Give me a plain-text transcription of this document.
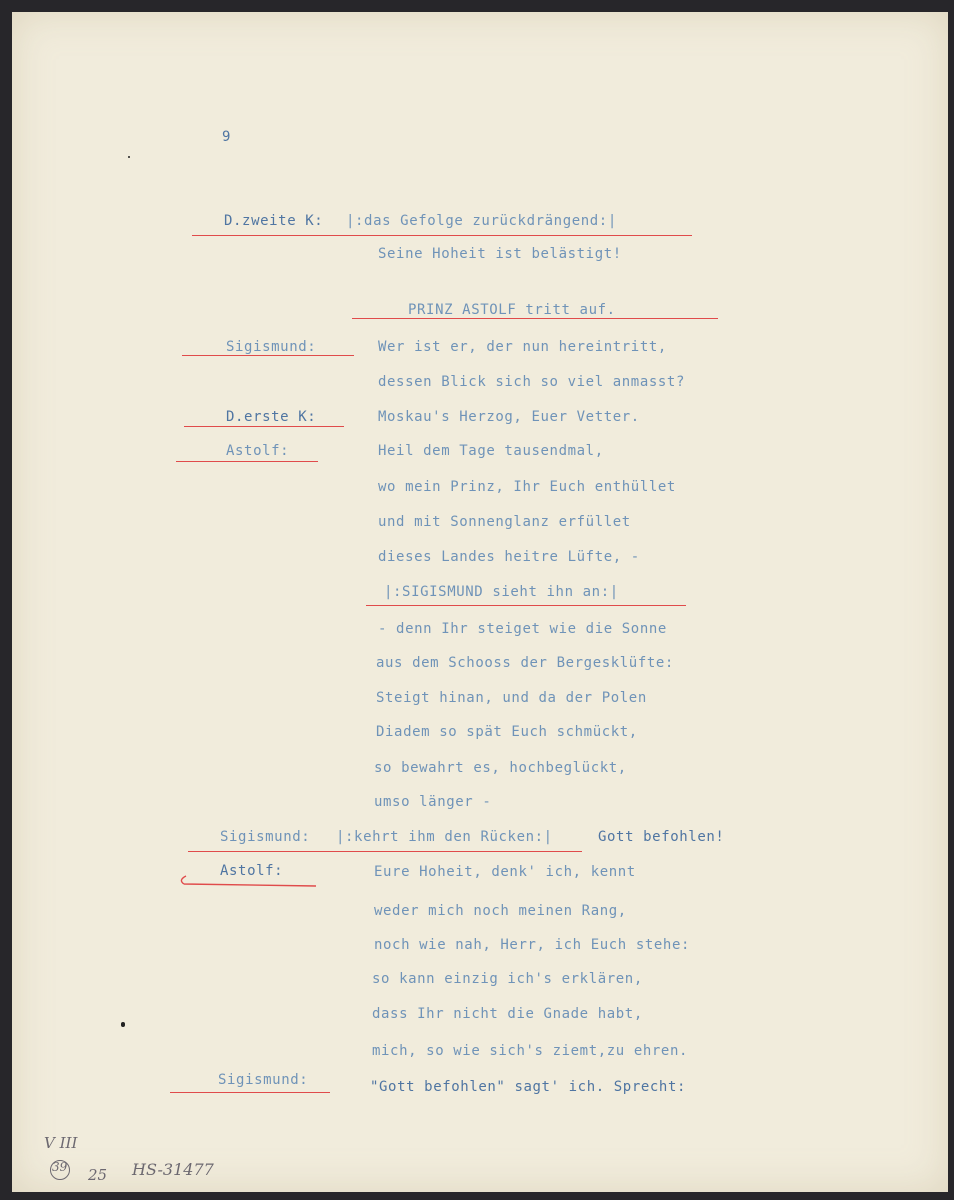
9
D.zweite K: |:das Gefolge zurückdrängend:|
Seine Hoheit ist belästigt!
PRINZ ASTOLF tritt auf.
Sigismund:	Wer ist er, der nun hereintritt,
dessen Blick sich so viel anmasst?
D.erste K:	Moskau's Herzog, Euer Vetter.
Astolf:	Heil dem Tage tausendmal,
wo mein Prinz, Ihr Euch enthüllet
und mit Sonnenglanz erfüllet
dieses Landes heitre Lüfte, -
|:SIGISMUND sieht ihn an:|
- denn Ihr steiget wie die Sonne
aus dem Schooss der Bergesklüfte:
Steigt hinan, und da der Polen
Diadem so spät Euch schmückt,
so bewahrt es, hochbeglückt,
umso länger -
Sigismund: |:kehrt ihm den Rücken:|	Gott befohlen!
Astolf:	Eure Hoheit, denk' ich, kennt
weder mich noch meinen Rang,
noch wie nah, Herr, ich Euch stehe:
so kann einzig ich's erklären,
dass Ihr nicht die Gnade habt,
mich, so wie sich's ziemt,zu ehren.
Sigismund:	"Gott befohlen" sagt' ich. Sprecht:
V III
39 25 HS-31477
